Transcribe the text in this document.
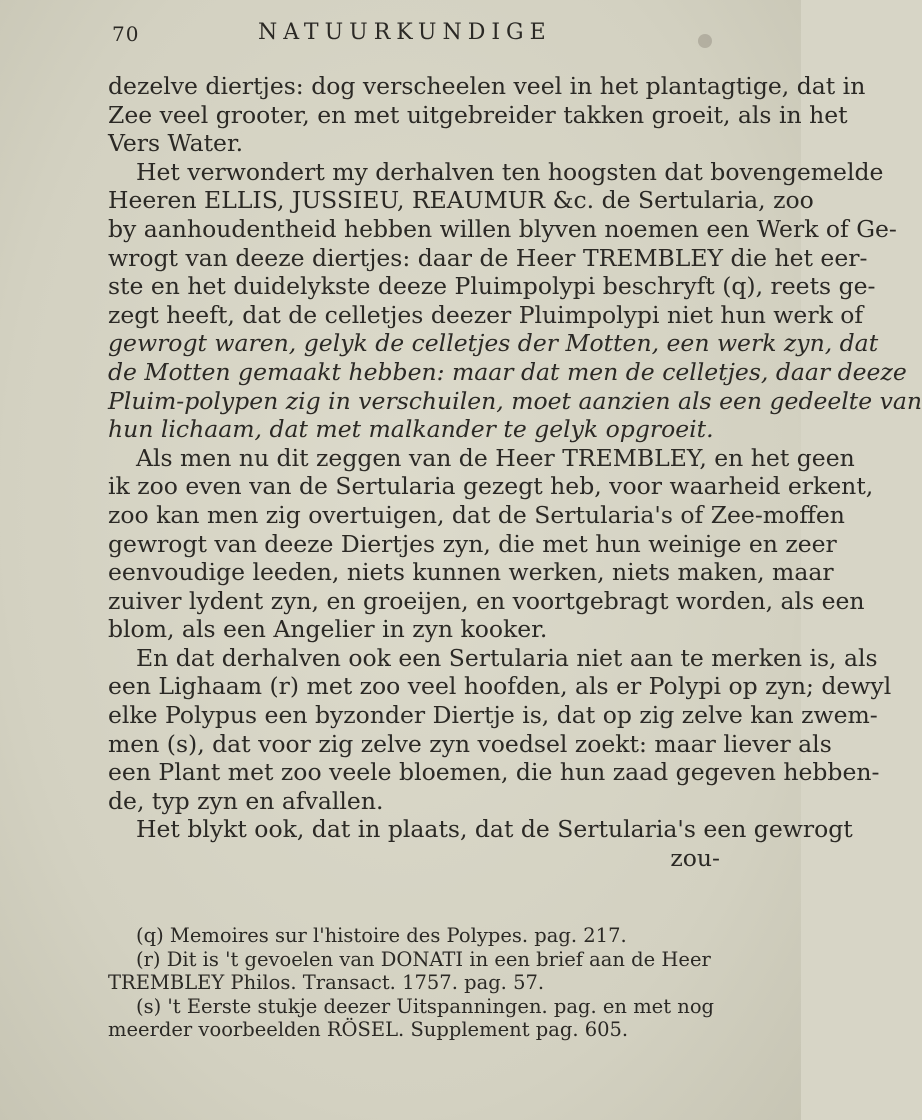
70	NATUURKUNDIGE
dezelve diertjes: dog verscheelen veel in het plantagtige, dat in
Zee veel grooter, en met uitgebreider takken groeit, als in het
Vers Water.
Het verwondert my derhalven ten hoogsten dat bovengemelde
Heeren ELLIS, JUSSIEU, REAUMUR &c. de Sertularia, zoo
by aanhoudentheid hebben willen blyven noemen een Werk of Ge-
wrogt van deeze diertjes: daar de Heer TREMBLEY die het eer-
ste en het duidelykste deeze Pluimpolypi beschryft (q), reets ge-
zegt heeft, dat de celletjes deezer Pluimpolypi niet hun werk of
gewrogt waren, gelyk de celletjes der Motten, een werk zyn, dat
de Motten gemaakt hebben: maar dat men de celletjes, daar deeze
Pluim-polypen zig in verschuilen, moet aanzien als een gedeelte van
hun lichaam, dat met malkander te gelyk opgroeit.
Als men nu dit zeggen van de Heer TREMBLEY, en het geen
ik zoo even van de Sertularia gezegt heb, voor waarheid erkent,
zoo kan men zig overtuigen, dat de Sertularia's of Zee-moffen
gewrogt van deeze Diertjes zyn, die met hun weinige en zeer
eenvoudige leeden, niets kunnen werken, niets maken, maar
zuiver lydent zyn, en groeijen, en voortgebragt worden, als een
blom, als een Angelier in zyn kooker.
En dat derhalven ook een Sertularia niet aan te merken is, als
een Lighaam (r) met zoo veel hoofden, als er Polypi op zyn; dewyl
elke Polypus een byzonder Diertje is, dat op zig zelve kan zwem-
men (s), dat voor zig zelve zyn voedsel zoekt: maar liever als
een Plant met zoo veele bloemen, die hun zaad gegeven hebben-
de, typ zyn en afvallen.
Het blykt ook, dat in plaats, dat de Sertularia's een gewrogt
zou-
(q) Memoires sur l'histoire des Polypes. pag. 217.
(r) Dit is 't gevoelen van DONATI in een brief aan de Heer
TREMBLEY Philos. Transact. 1757. pag. 57.
(s) 't Eerste stukje deezer Uitspanningen. pag. en met nog
meerder voorbeelden RÖSEL. Supplement pag. 605.
